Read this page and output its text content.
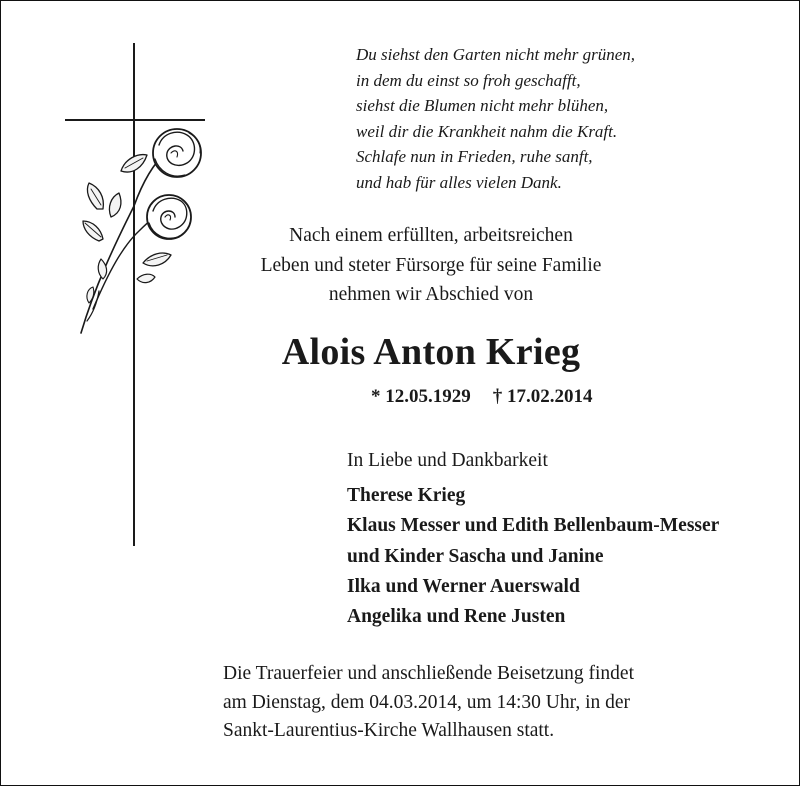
Du siehst den Garten nicht mehr grünen,
in dem du einst so froh geschafft,
siehst die Blumen nicht mehr blühen,
weil dir die Krankheit nahm die Kraft.
Schlafe nun in Frieden, ruhe sanft,
und hab für alles vielen Dank.
Nach einem erfüllten, arbeitsreichen
Leben und steter Fürsorge für seine Familie
nehmen wir Abschied von
Alois Anton Krieg
* 12.05.1929 † 17.02.2014
In Liebe und Dankbarkeit
Therese Krieg
Klaus Messer und Edith Bellenbaum-Messer
und Kinder Sascha und Janine
Ilka und Werner Auerswald
Angelika und Rene Justen
Die Trauerfeier und anschließende Beisetzung findet
am Dienstag, dem 04.03.2014, um 14:30 Uhr, in der
Sankt-Laurentius-Kirche Wallhausen statt.
